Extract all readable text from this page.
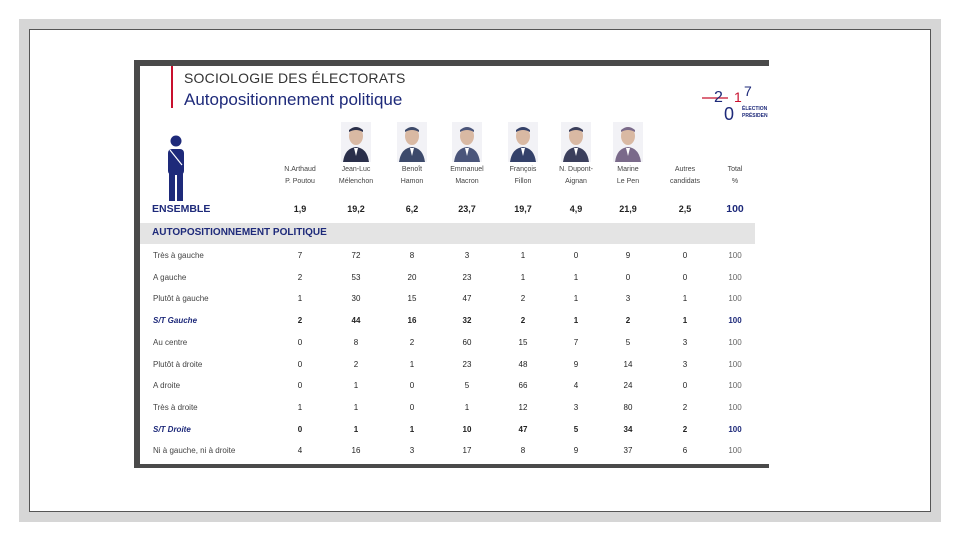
SOCIOLOGIE DES ÉLECTORATS
Autopositionnement politique	2
0
1 7
ÉLECTION
PRÉSIDEN
N.Arthaud
P. Poutou
Jean-Luc
Mélenchon
Benoît
Hamon
Emmanuel
Macron
François
Fillon
N. Dupont-
Aignan
Marine
Le Pen
Autres
candidats
Total
%
ENSEMBLE	1,9	19,2	6,2	23,7	19,7	4,9	21,9	2,5	100
AUTOPOSITIONNEMENT POLITIQUE
Très à gauche	7	72	8	3	1	0	9	0	100
A gauche	2	53	20	23	1	1	0	0	100
Plutôt à gauche	1	30	15	47	2	1	3	1	100
S/T Gauche	2	44	16	32	2	1	2	1	100
Au centre	0	8	2	60	15	7	5	3	100
Plutôt à droite	0	2	1	23	48	9	14	3	100
A droite	0	1	0	5	66	4	24	0	100
Très à droite	1	1	0	1	12	3	80	2	100
S/T Droite	0	1	1	10	47	5	34	2	100
Ni à gauche, ni à droite	4	16	3	17	8	9	37	6	100
